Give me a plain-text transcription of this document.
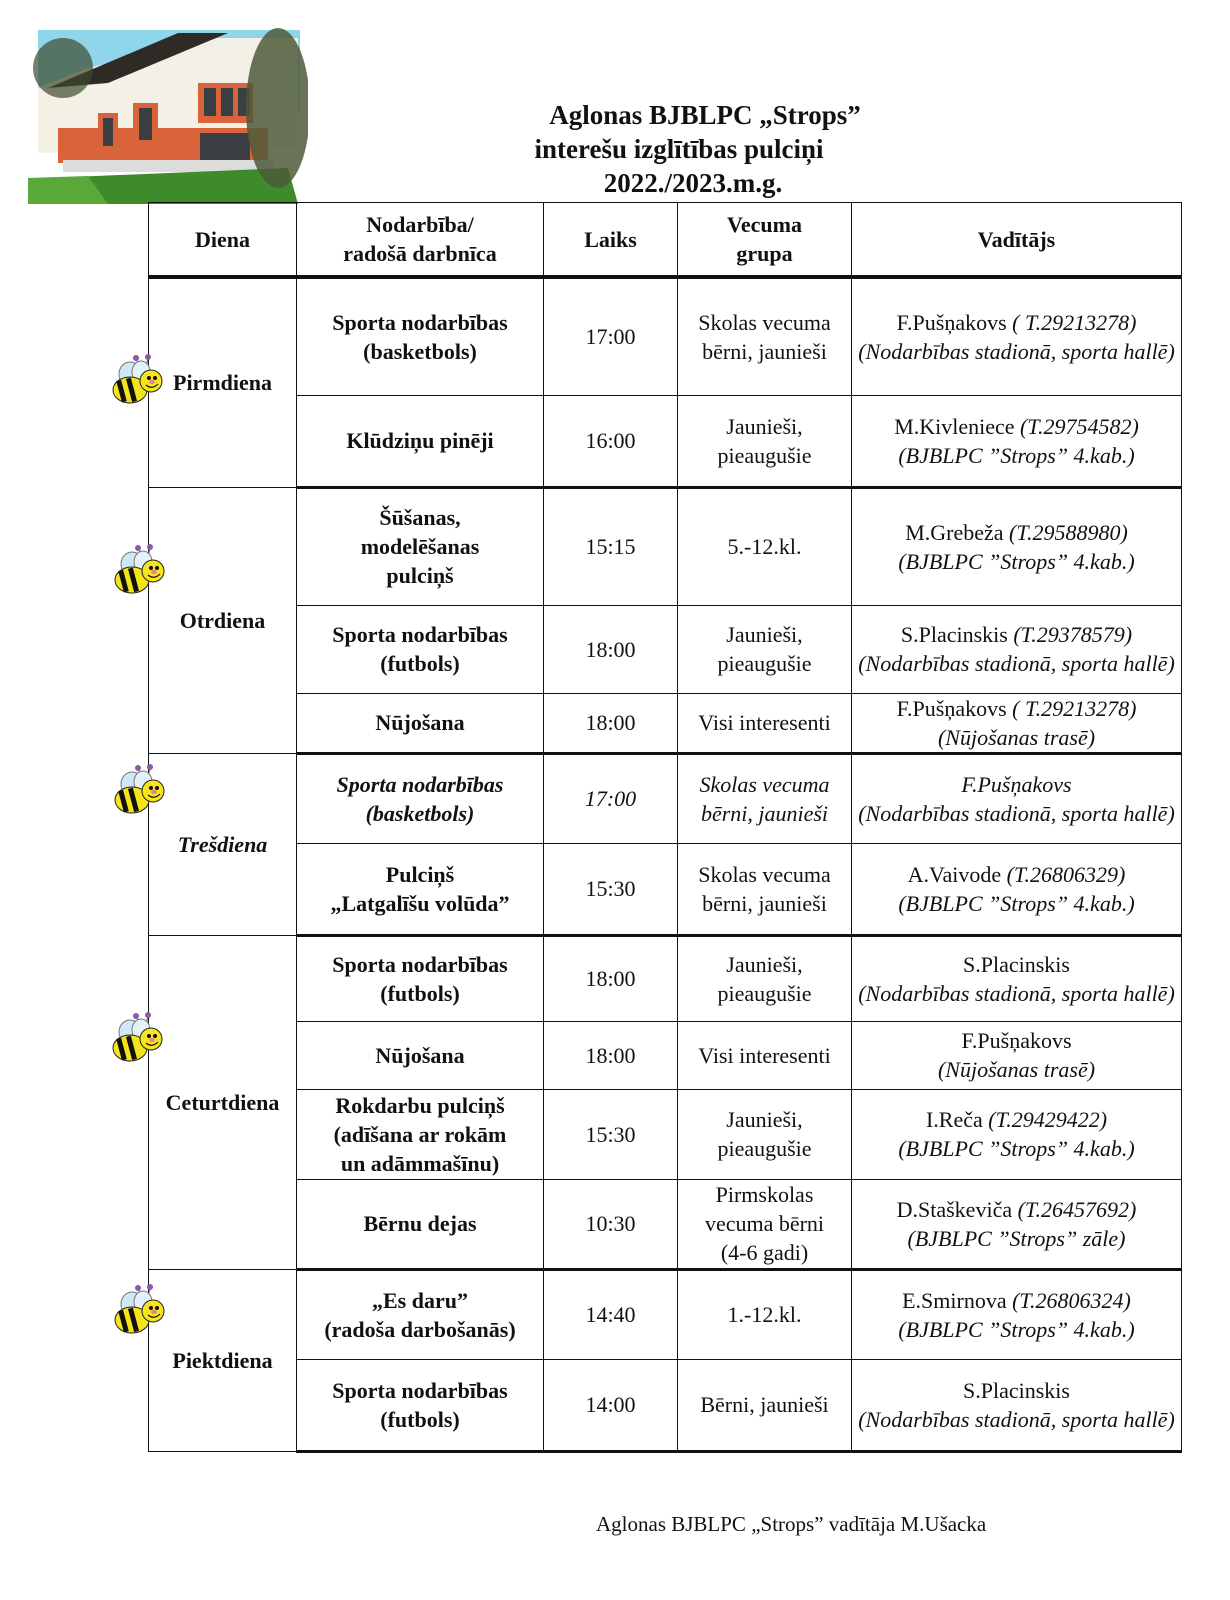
Aglonas BJBLPC „Strops”
interešu izglītības pulciņi
2022./2023.m.g.
Diena	Nodarbība/
radošā darbnīca	Laiks	Vecuma
grupa	Vadītājs
Pirmdiena	Sporta nodarbības
(basketbols)	17:00	Skolas vecuma
bērni, jaunieši	F.Pušņakovs ( T.29213278)
(Nodarbības stadionā, sporta hallē)

	Klūdziņu pinēji	16:00	Jaunieši,
pieaugušie	M.Kivleniece (T.29754582)
(BJBLPC ”Strops” 4.kab.)

Otrdiena	Šūšanas,
modelēšanas
pulciņš	15:15	5.-12.kl.	M.Grebeža (T.29588980)
(BJBLPC ”Strops” 4.kab.)

	Sporta nodarbības
(futbols)	18:00	Jaunieši,
pieaugušie	S.Placinskis (T.29378579)
(Nodarbības stadionā, sporta hallē)

	Nūjošana	18:00	Visi interesenti	F.Pušņakovs ( T.29213278)
(Nūjošanas trasē)

Trešdiena	Sporta nodarbības
(basketbols)	17:00	Skolas vecuma
bērni, jaunieši	F.Pušņakovs
(Nodarbības stadionā, sporta hallē)

	Pulciņš
„Latgalīšu volūda”	15:30	Skolas vecuma
bērni, jaunieši	A.Vaivode (T.26806329)
(BJBLPC ”Strops” 4.kab.)

Ceturtdiena	Sporta nodarbības
(futbols)	18:00	Jaunieši,
pieaugušie	S.Placinskis
(Nodarbības stadionā, sporta hallē)

	Nūjošana	18:00	Visi interesenti	F.Pušņakovs
(Nūjošanas trasē)

	Rokdarbu pulciņš
(adīšana ar rokām
un adāmmašīnu)	15:30	Jaunieši,
pieaugušie	I.Reča (T.29429422)
(BJBLPC ”Strops” 4.kab.)

	Bērnu dejas	10:30	Pirmskolas
vecuma bērni
(4-6 gadi)	D.Staškeviča (T.26457692)
(BJBLPC ”Strops” zāle)

Piektdiena	„Es daru”
(radoša darbošanās)	14:40	1.-12.kl.	E.Smirnova (T.26806324)
(BJBLPC ”Strops” 4.kab.)

	Sporta nodarbības
(futbols)	14:00	Bērni, jaunieši	S.Placinskis
(Nodarbības stadionā, sporta hallē)
Aglonas BJBLPC „Strops” vadītāja M.Ušacka
